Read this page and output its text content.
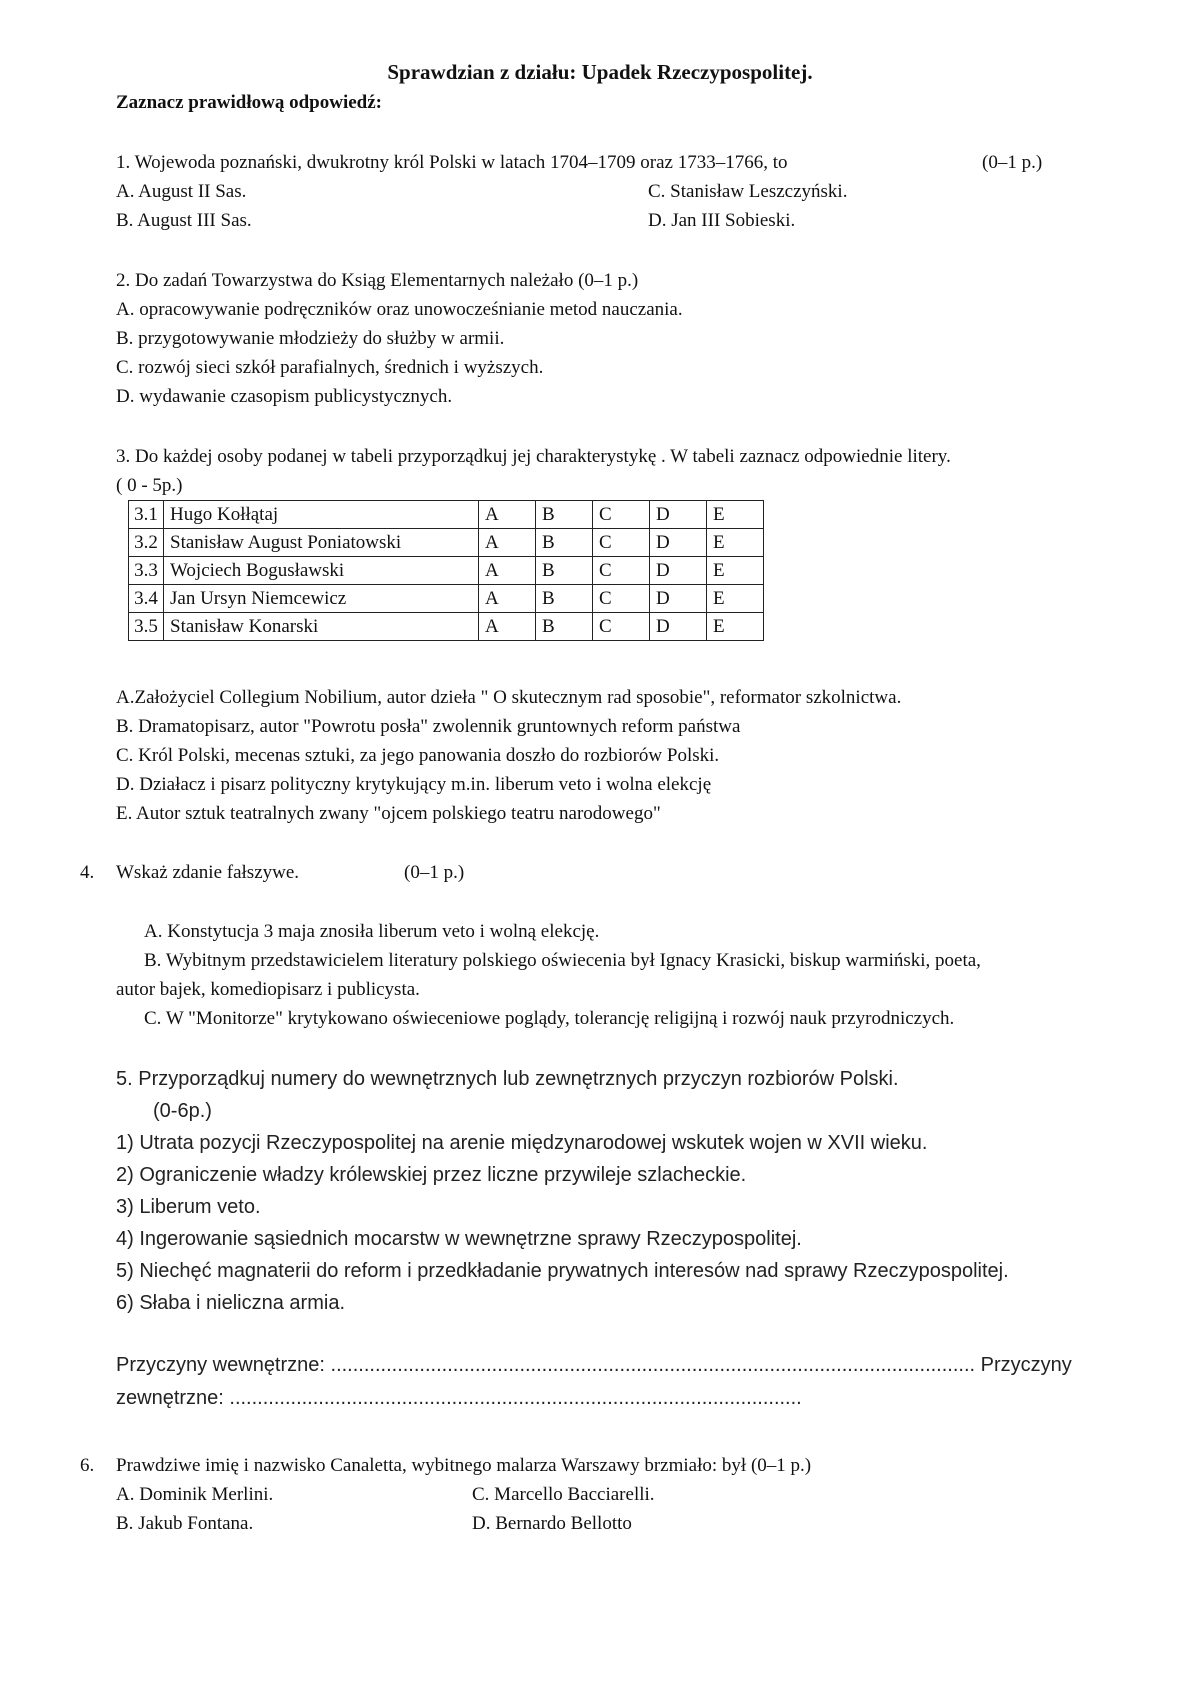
Sprawdzian z działu: Upadek Rzeczypospolitej.
Zaznacz prawidłową odpowiedź:
1. Wojewoda poznański, dwukrotny król Polski w latach 1704–1709 oraz 1733–1766, to	(0–1 p.)
A. August II Sas.	C. Stanisław Leszczyński.
B. August III Sas.	D. Jan III Sobieski.
2. Do zadań Towarzystwa do Ksiąg Elementarnych należało (0–1 p.)
A. opracowywanie podręczników oraz unowocześnianie metod nauczania.
B. przygotowywanie młodzieży do służby w armii.
C. rozwój sieci szkół parafialnych, średnich i wyższych.
D. wydawanie czasopism publicystycznych.
3. Do każdej osoby podanej w tabeli przyporządkuj jej charakterystykę . W tabeli zaznacz odpowiednie litery.
( 0 - 5p.)
3.1	Hugo Kołłątaj	A	B	C	D	E
3.2	Stanisław August Poniatowski	A	B	C	D	E
3.3	Wojciech Bogusławski	A	B	C	D	E
3.4	Jan Ursyn Niemcewicz	A	B	C	D	E
3.5	Stanisław Konarski	A	B	C	D	E
A.Założyciel Collegium Nobilium, autor dzieła " O skutecznym rad sposobie", reformator szkolnictwa.
B. Dramatopisarz, autor "Powrotu posła" zwolennik gruntownych reform państwa
C. Król Polski, mecenas sztuki, za jego panowania doszło do rozbiorów Polski.
D. Działacz i pisarz polityczny krytykujący m.in. liberum veto i wolna elekcję
E. Autor sztuk teatralnych zwany "ojcem polskiego teatru narodowego"
4. Wskaż zdanie fałszywe.	(0–1 p.)
A. Konstytucja 3 maja znosiła liberum veto i wolną elekcję.
B. Wybitnym przedstawicielem literatury polskiego oświecenia był Ignacy Krasicki, biskup warmiński, poeta,
autor bajek, komediopisarz i publicysta.
C. W "Monitorze" krytykowano oświeceniowe poglądy, tolerancję religijną i rozwój nauk przyrodniczych.
5. Przyporządkuj numery do wewnętrznych lub zewnętrznych przyczyn rozbiorów Polski.
(0-6p.)
1) Utrata pozycji Rzeczypospolitej na arenie międzynarodowej wskutek wojen w XVII wieku.
2) Ograniczenie władzy królewskiej przez liczne przywileje szlacheckie.
3) Liberum veto.
4) Ingerowanie sąsiednich mocarstw w wewnętrzne sprawy Rzeczypospolitej.
5) Niechęć magnaterii do reform i przedkładanie prywatnych interesów nad sprawy Rzeczypospolitej.
6) Słaba i nieliczna armia.
Przyczyny wewnętrzne: .................................................................................................................... Przyczyny
zewnętrzne: .......................................................................................................
6. Prawdziwe imię i nazwisko Canaletta, wybitnego malarza Warszawy brzmiało: był (0–1 p.)
A. Dominik Merlini.	C. Marcello Bacciarelli.
B. Jakub Fontana.	D. Bernardo Bellotto
